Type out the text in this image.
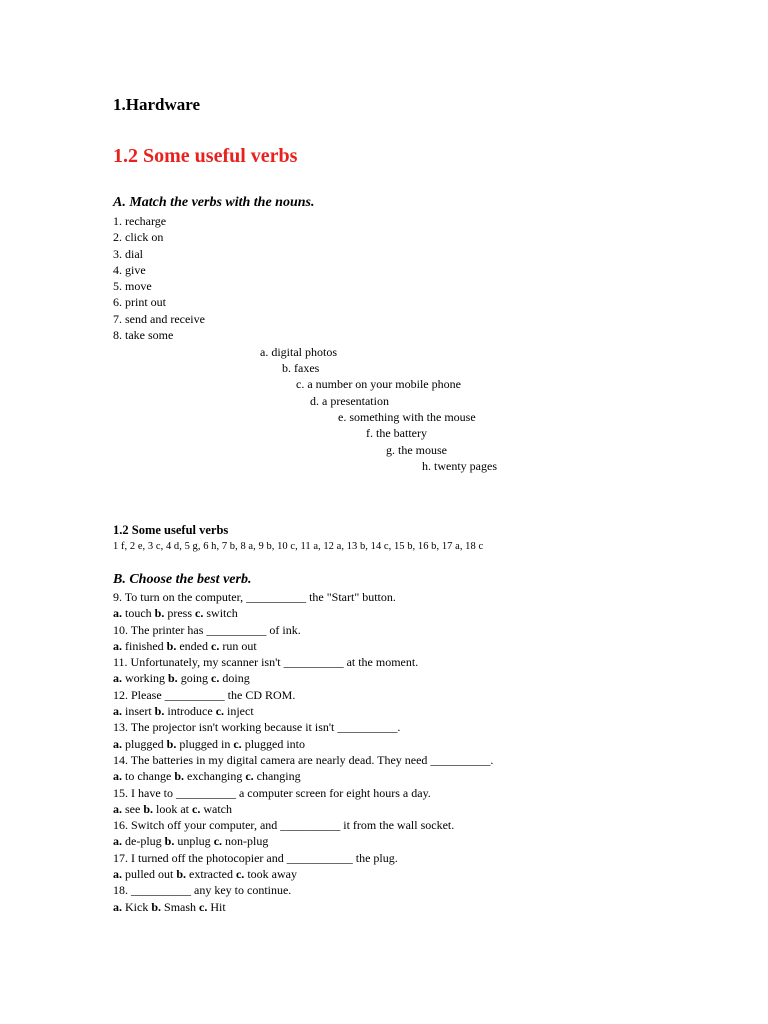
1.Hardware
1.2 Some useful verbs
A. Match the verbs with the nouns.
1. recharge
2. click on
3. dial
4. give
5. move
6. print out
7. send and receive
8. take some
a. digital photos
b. faxes
c. a number on your mobile phone
d. a presentation
e. something with the mouse
f. the battery
g. the mouse
h. twenty pages
1.2 Some useful verbs
1 f, 2 e, 3 c, 4 d, 5 g, 6 h, 7 b, 8 a, 9 b, 10 c, 11 a, 12 a, 13 b, 14 c, 15 b, 16 b, 17 a, 18 c
B. Choose the best verb.
9. To turn on the computer, __________ the "Start" button.
a. touch b. press c. switch
10. The printer has __________ of ink.
a. finished b. ended c. run out
11. Unfortunately, my scanner isn't __________ at the moment.
a. working b. going c. doing
12. Please __________ the CD ROM.
a. insert b. introduce c. inject
13. The projector isn't working because it isn't __________.
a. plugged b. plugged in c. plugged into
14. The batteries in my digital camera are nearly dead. They need __________.
a. to change b. exchanging c. changing
15. I have to __________ a computer screen for eight hours a day.
a. see b. look at c. watch
16. Switch off your computer, and __________ it from the wall socket.
a. de-plug b. unplug c. non-plug
17. I turned off the photocopier and ___________ the plug.
a. pulled out b. extracted c. took away
18. __________ any key to continue.
a. Kick b. Smash c. Hit
